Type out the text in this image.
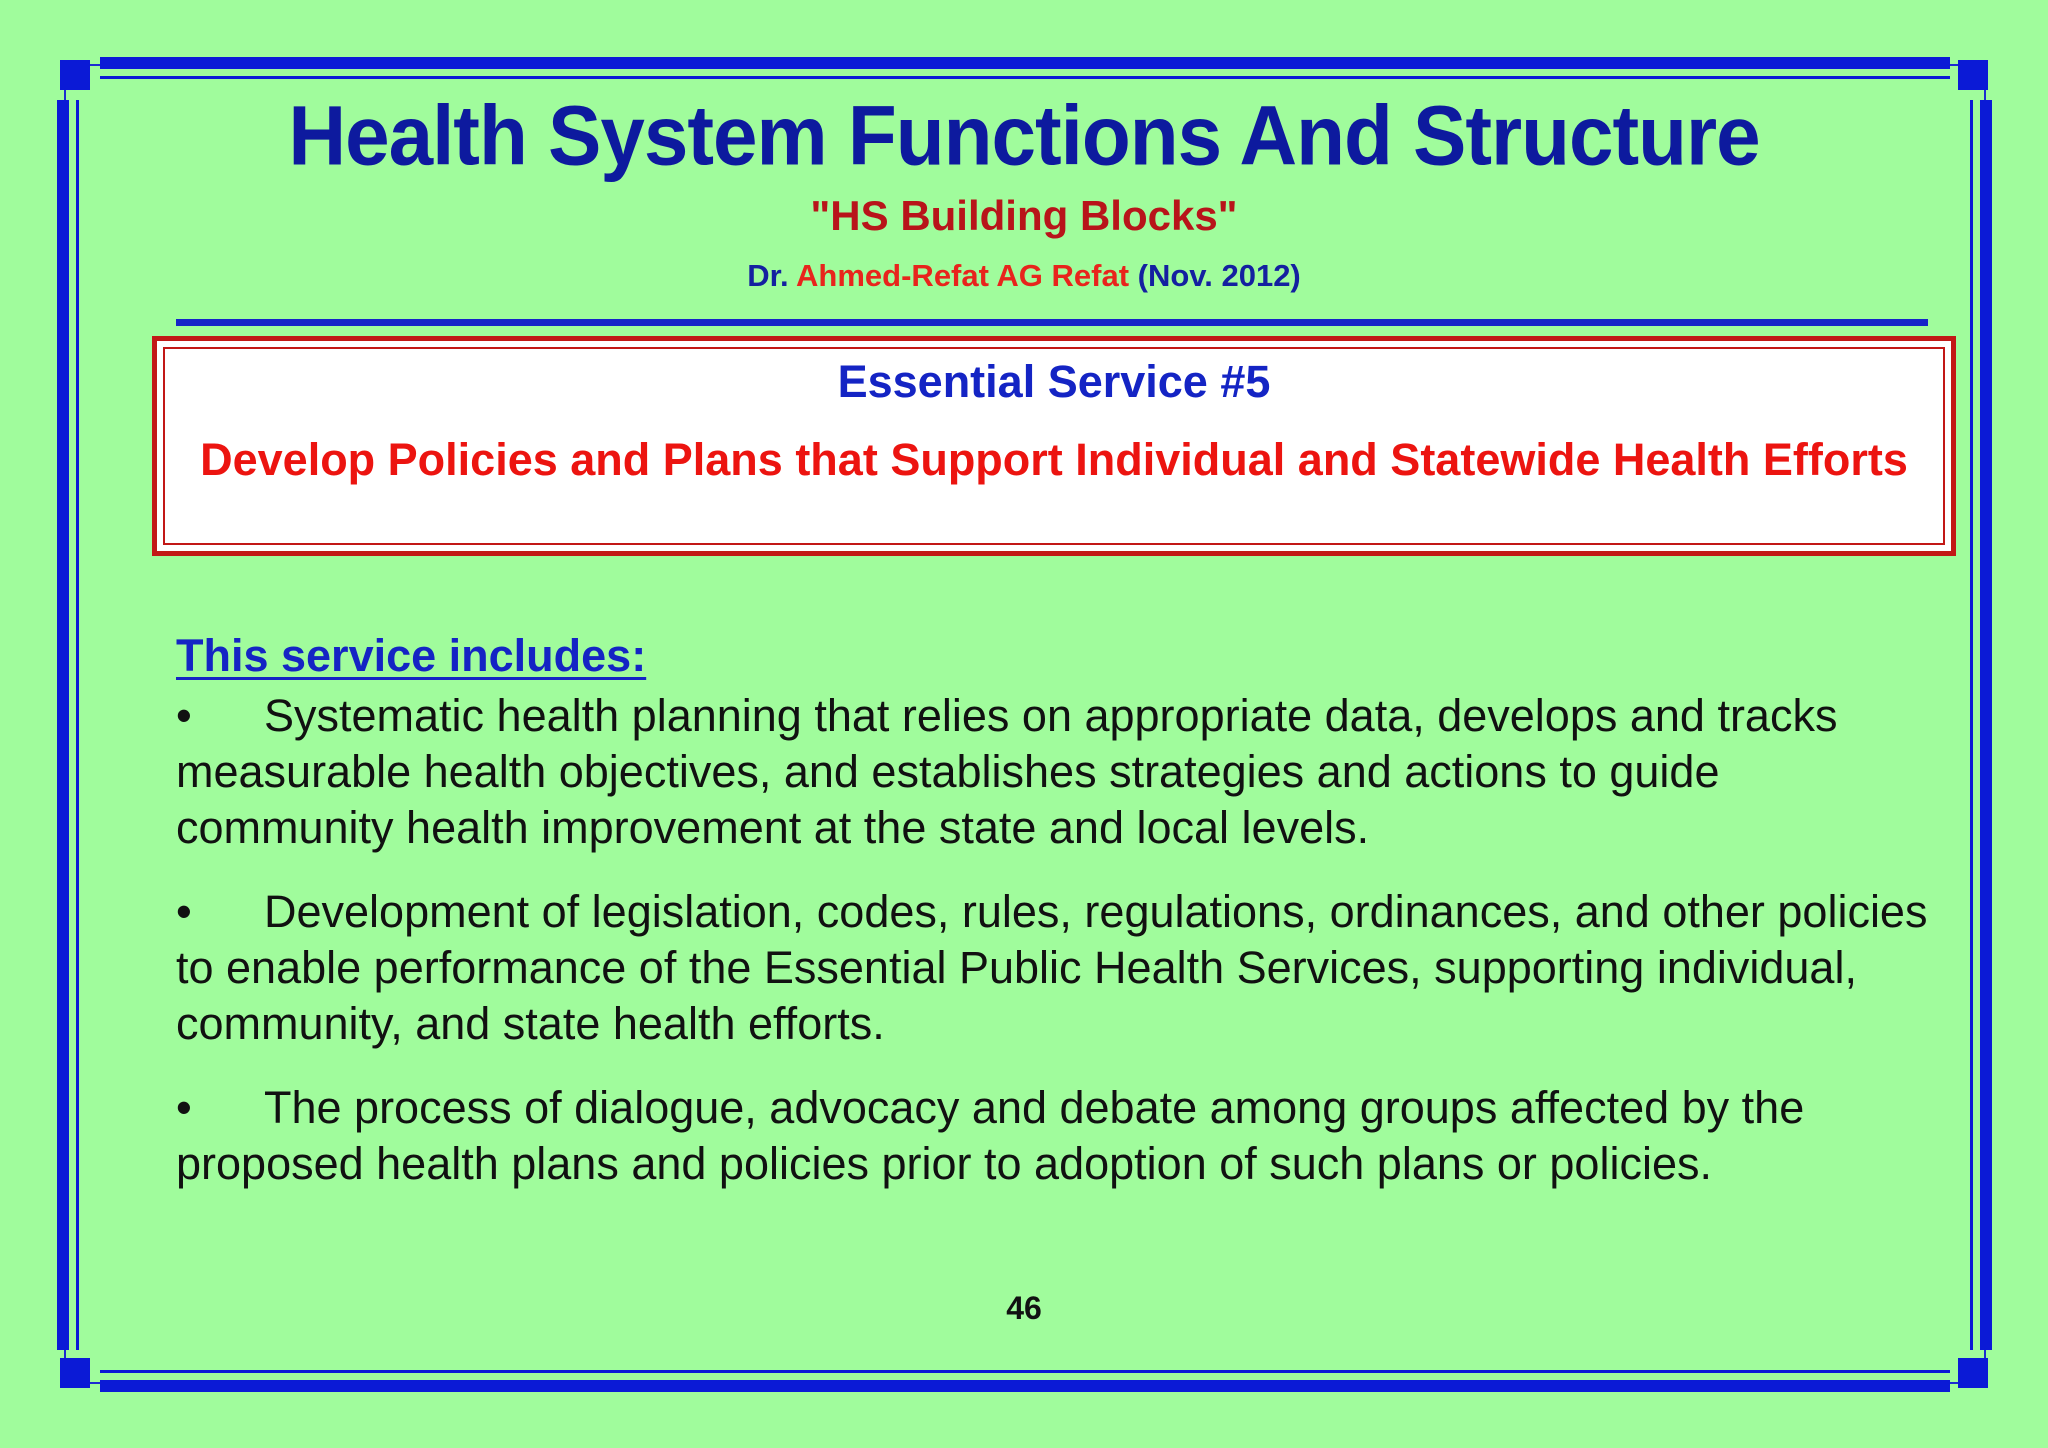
Health System Functions And Structure
"HS Building Blocks"
Dr. Ahmed-Refat AG Refat (Nov. 2012)
Essential Service #5
Develop Policies and Plans that Support Individual and Statewide Health Efforts
This service includes:
• Systematic health planning that relies on appropriate data, develops and tracks measurable health objectives, and establishes strategies and actions to guide community health improvement at the state and local levels.
• Development of legislation, codes, rules, regulations, ordinances, and other policies to enable performance of the Essential Public Health Services, supporting individual, community, and state health efforts.
• The process of dialogue, advocacy and debate among groups affected by the proposed health plans and policies prior to adoption of such plans or policies.
46
